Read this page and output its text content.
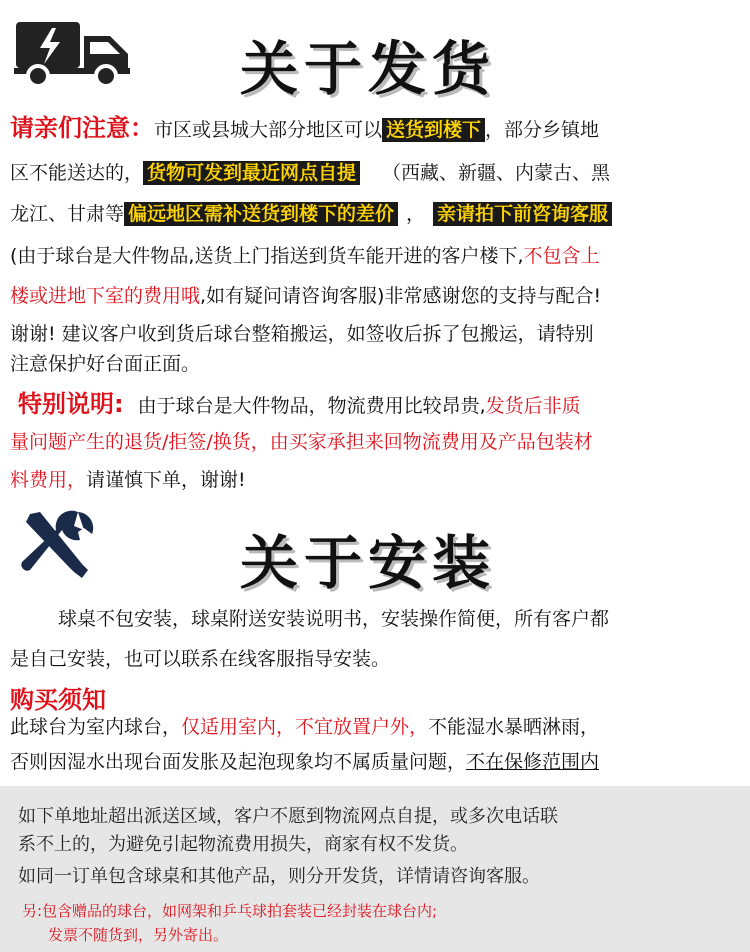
关于发货
请亲们注意：市区或县城大部分地区可以 送货到楼下 ，部分乡镇地
区不能送达的， 货物可发到最近网点自提 （西藏、新疆、内蒙古、黑
龙江、甘肃等 偏远地区需补送货到楼下的差价 ， 亲请拍下前咨询客服
(由于球台是大件物品,送货上门指送到货车能开进的客户楼下,不包含上
楼或进地下室的费用哦,如有疑问请咨询客服)非常感谢您的支持与配合!
谢谢! 建议客户收到货后球台整箱搬运，如签收后拆了包搬运，请特别
注意保护好台面正面。
特别说明: 由于球台是大件物品，物流费用比较昂贵,发货后非质
量问题产生的退货/拒签/换货，由买家承担来回物流费用及产品包装材
料费用，请谨慎下单，谢谢!
关于安装
球桌不包安装，球桌附送安装说明书，安装操作简便，所有客户都
是自己安装，也可以联系在线客服指导安装。
购买须知
此球台为室内球台，仅适用室内，不宜放置户外，不能湿水暴晒淋雨，
否则因湿水出现台面发胀及起泡现象均不属质量问题，不在保修范围内
如下单地址超出派送区域，客户不愿到物流网点自提，或多次电话联
系不上的，为避免引起物流费用损失，商家有权不发货。
如同一订单包含球桌和其他产品，则分开发货，详情请咨询客服。
另:包含赠品的球台，如网架和乒乓球拍套装已经封装在球台内;
发票不随货到，另外寄出。
